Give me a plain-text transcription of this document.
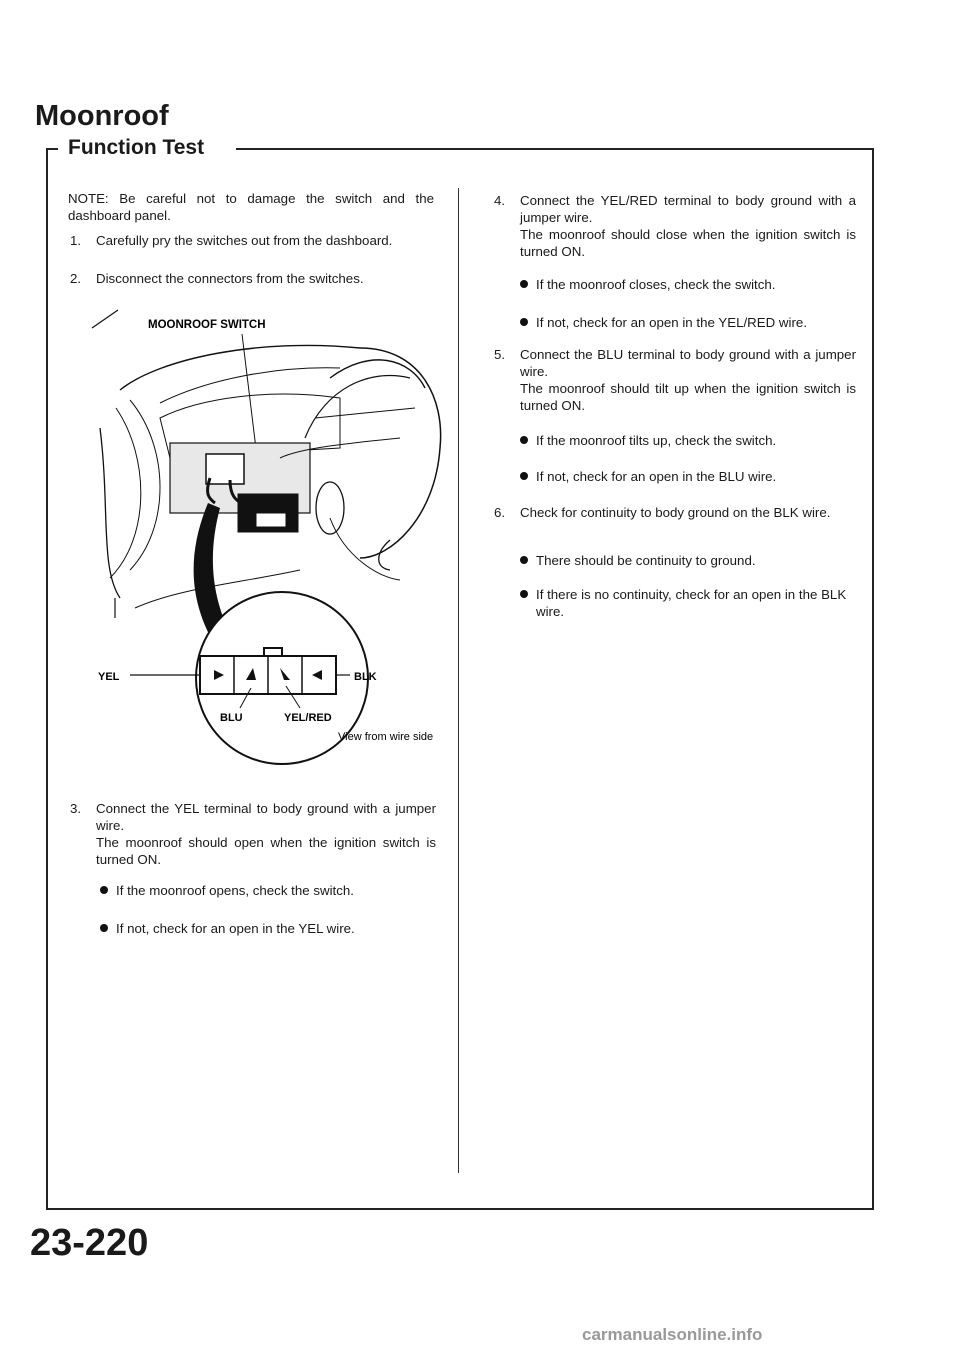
Moonroof
Function Test

NOTE: Be careful not to damage the switch and the dashboard panel.

1. Carefully pry the switches out from the dashboard.
2. Disconnect the connectors from the switches.
MOONROOF SWITCH
YEL	BLK
BLU	YEL/RED
View from wire side
3. Connect the YEL terminal to body ground with a jumper wire.

The moonroof should open when the ignition switch is turned ON.

If the moonroof opens, check the switch.
If not, check for an open in the YEL wire.
4. Connect the YEL/RED terminal to body ground with a jumper wire.

The moonroof should close when the ignition switch is turned ON.

If the moonroof closes, check the switch.
If not, check for an open in the YEL/RED wire.
5. Connect the BLU terminal to body ground with a jumper wire.

The moonroof should tilt up when the ignition switch is turned ON.

If the moonroof tilts up, check the switch.
If not, check for an open in the BLU wire.
6. Check for continuity to body ground on the BLK wire.

There should be continuity to ground.
If there is no continuity, check for an open in the BLK wire.

23-220

carmanualsonline.info
